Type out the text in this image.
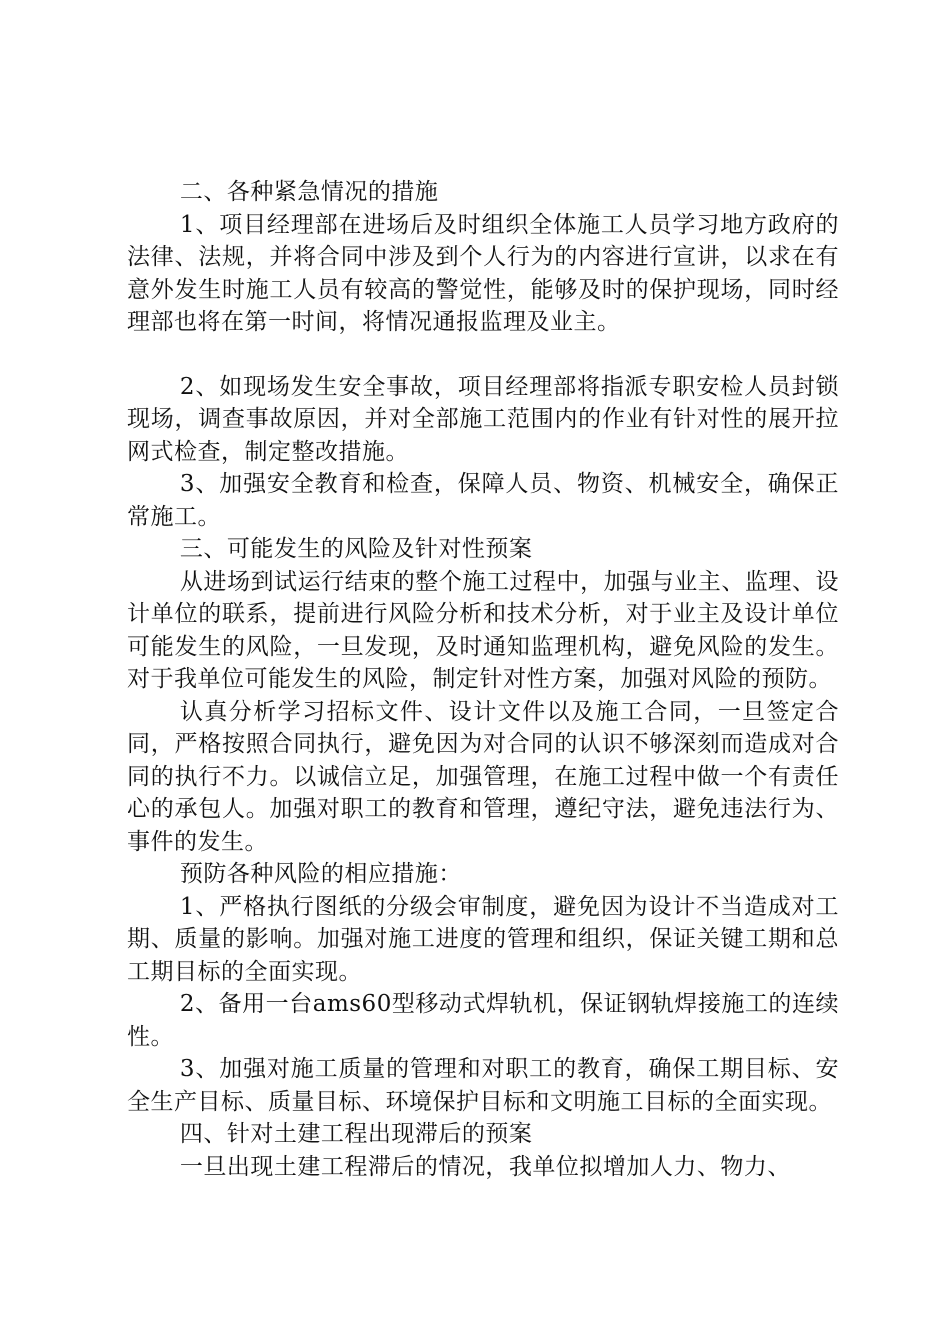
二、各种紧急情况的措施

1、项目经理部在进场后及时组织全体施工人员学习地方政府的法律、法规，并将合同中涉及到个人行为的内容进行宣讲，以求在有意外发生时施工人员有较高的警觉性，能够及时的保护现场，同时经理部也将在第一时间，将情况通报监理及业主。

2、如现场发生安全事故，项目经理部将指派专职安检人员封锁现场，调查事故原因，并对全部施工范围内的作业有针对性的展开拉网式检查，制定整改措施。

3、加强安全教育和检查，保障人员、物资、机械安全，确保正常施工。

三、可能发生的风险及针对性预案

从进场到试运行结束的整个施工过程中，加强与业主、监理、设计单位的联系，提前进行风险分析和技术分析，对于业主及设计单位可能发生的风险，一旦发现，及时通知监理机构，避免风险的发生。对于我单位可能发生的风险，制定针对性方案，加强对风险的预防。

认真分析学习招标文件、设计文件以及施工合同，一旦签定合同，严格按照合同执行，避免因为对合同的认识不够深刻而造成对合同的执行不力。以诚信立足，加强管理，在施工过程中做一个有责任心的承包人。加强对职工的教育和管理，遵纪守法，避免违法行为、事件的发生。

预防各种风险的相应措施：

1、严格执行图纸的分级会审制度，避免因为设计不当造成对工期、质量的影响。加强对施工进度的管理和组织，保证关键工期和总工期目标的全面实现。

2、备用一台ams60型移动式焊轨机，保证钢轨焊接施工的连续性。

3、加强对施工质量的管理和对职工的教育，确保工期目标、安全生产目标、质量目标、环境保护目标和文明施工目标的全面实现。

四、针对土建工程出现滞后的预案

一旦出现土建工程滞后的情况，我单位拟增加人力、物力、
